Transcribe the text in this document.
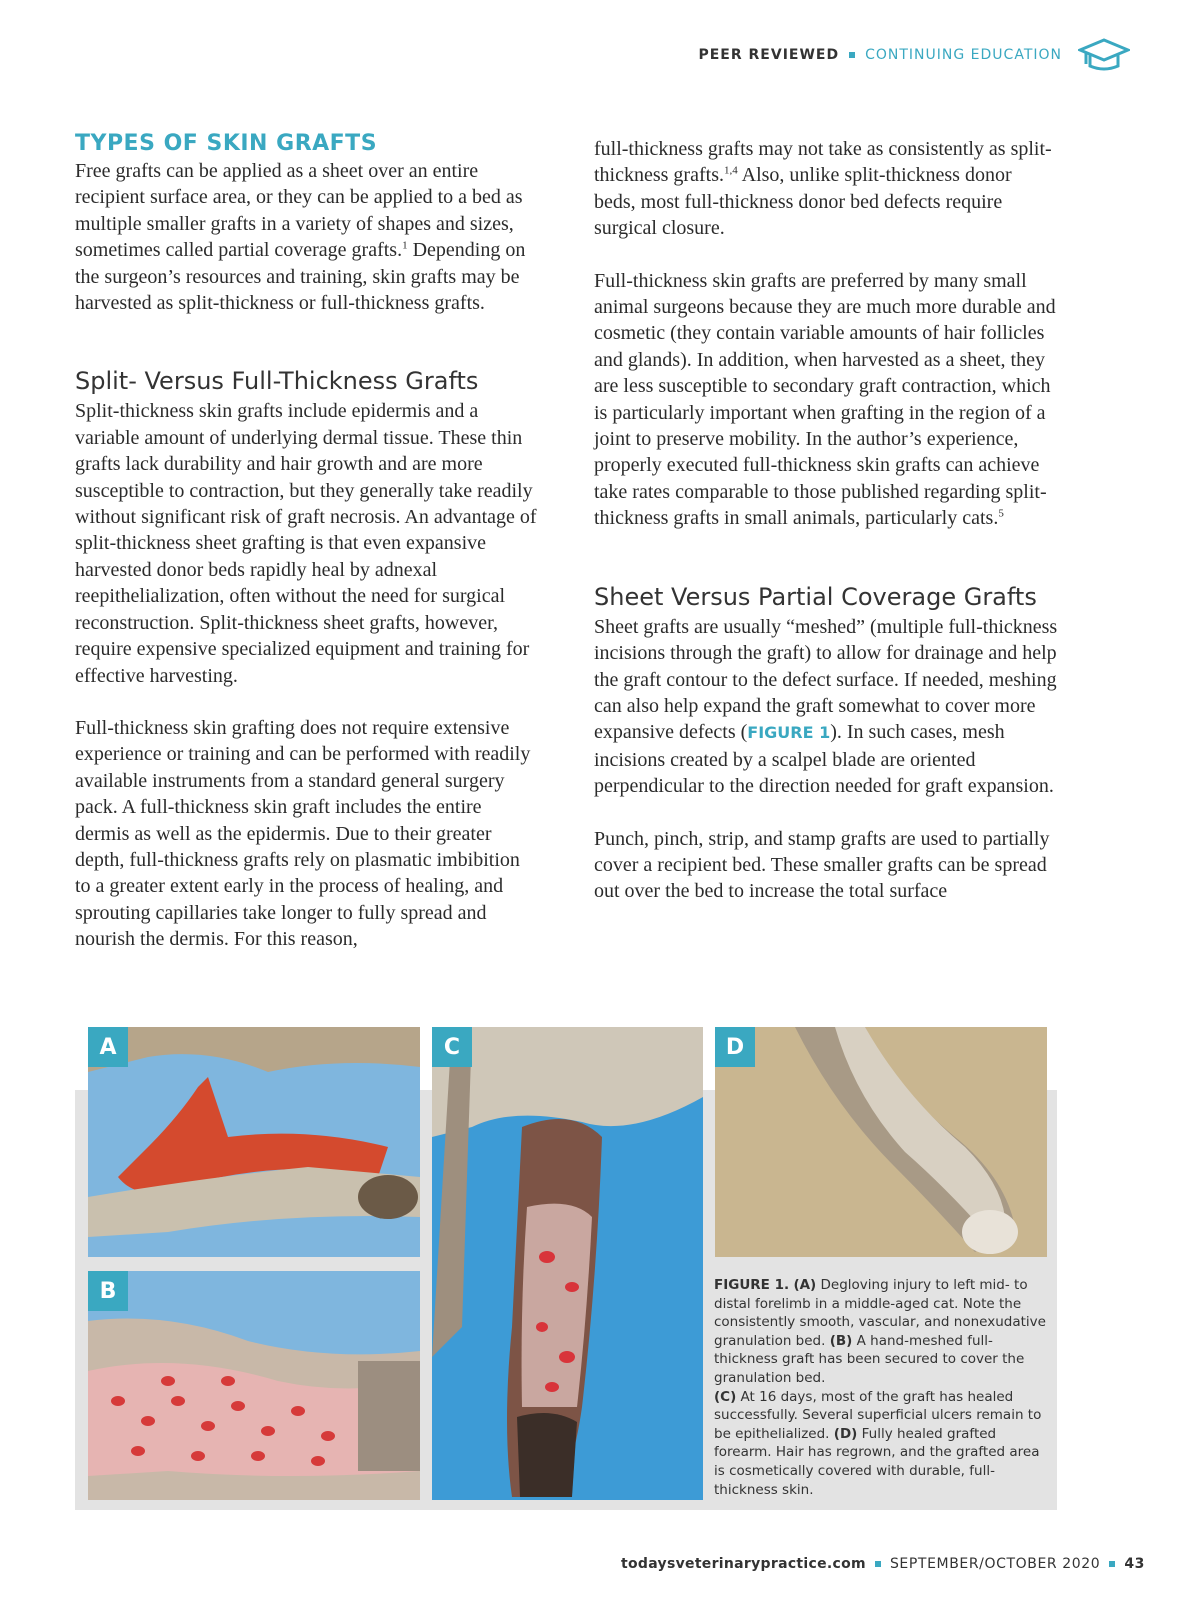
PEER REVIEWED CONTINUING EDUCATION
TYPES OF SKIN GRAFTS

Free grafts can be applied as a sheet over an entire recipient surface area, or they can be applied to a bed as multiple smaller grafts in a variety of shapes and sizes, sometimes called partial coverage grafts.$^1$ Depending on the surgeon’s resources and training, skin grafts may be harvested as split-thickness or full-thickness grafts.

Split- Versus Full-Thickness Grafts

Split-thickness skin grafts include epidermis and a variable amount of underlying dermal tissue. These thin grafts lack durability and hair growth and are more susceptible to contraction, but they generally take readily without significant risk of graft necrosis. An advantage of split-thickness sheet grafting is that even expansive harvested donor beds rapidly heal by adnexal reepithelialization, often without the need for surgical reconstruction. Split-thickness sheet grafts, however, require expensive specialized equipment and training for effective harvesting.

Full-thickness skin grafting does not require extensive experience or training and can be performed with readily available instruments from a standard general surgery pack. A full-thickness skin graft includes the entire dermis as well as the epidermis. Due to their greater depth, full-thickness grafts rely on plasmatic imbibition to a greater extent early in the process of healing, and sprouting capillaries take longer to fully spread and nourish the dermis. For this reason,

full-thickness grafts may not take as consistently as split-thickness grafts.$^{1,4}$ Also, unlike split-thickness donor beds, most full-thickness donor bed defects require surgical closure.

Full-thickness skin grafts are preferred by many small animal surgeons because they are much more durable and cosmetic (they contain variable amounts of hair follicles and glands). In addition, when harvested as a sheet, they are less susceptible to secondary graft contraction, which is particularly important when grafting in the region of a joint to preserve mobility. In the author’s experience, properly executed full-thickness skin grafts can achieve take rates comparable to those published regarding split-thickness grafts in small animals, particularly cats.$^5$

Sheet Versus Partial Coverage Grafts

Sheet grafts are usually “meshed” (multiple full-thickness incisions through the graft) to allow for drainage and help the graft contour to the defect surface. If needed, meshing can also help expand the graft somewhat to cover more expansive defects (FIGURE 1). In such cases, mesh incisions created by a scalpel blade are oriented perpendicular to the direction needed for graft expansion.

Punch, pinch, strip, and stamp grafts are used to partially cover a recipient bed. These smaller grafts can be spread out over the bed to increase the total surface

A
B
C	D
FIGURE 1. (A) Degloving injury to left mid- to distal forelimb in a middle-aged cat. Note the consistently smooth, vascular, and nonexudative granulation bed. (B) A hand-meshed full-thickness graft has been secured to cover the granulation bed.
(C) At 16 days, most of the graft has healed successfully. Several superficial ulcers remain to be epithelialized. (D) Fully healed grafted forearm. Hair has regrown, and the grafted area is cosmetically covered with durable, full-thickness skin.
todaysveterinarypractice.com SEPTEMBER/OCTOBER 2020 43
